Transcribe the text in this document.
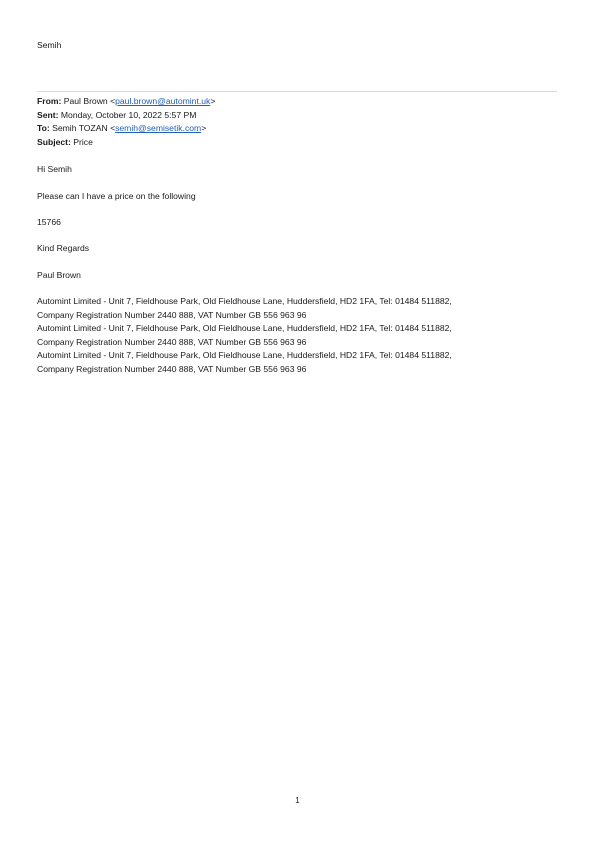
Semih
From: Paul Brown <paul.brown@automint.uk>
Sent: Monday, October 10, 2022 5:57 PM
To: Semih TOZAN <semih@semisetik.com>
Subject: Price
Hi Semih
Please can I have a price on the following
15766
Kind Regards
Paul Brown
Automint Limited - Unit 7, Fieldhouse Park, Old Fieldhouse Lane, Huddersfield, HD2 1FA, Tel: 01484 511882,
Company Registration Number 2440 888, VAT Number GB 556 963 96
Automint Limited - Unit 7, Fieldhouse Park, Old Fieldhouse Lane, Huddersfield, HD2 1FA, Tel: 01484 511882,
Company Registration Number 2440 888, VAT Number GB 556 963 96
Automint Limited - Unit 7, Fieldhouse Park, Old Fieldhouse Lane, Huddersfield, HD2 1FA, Tel: 01484 511882,
Company Registration Number 2440 888, VAT Number GB 556 963 96
1
